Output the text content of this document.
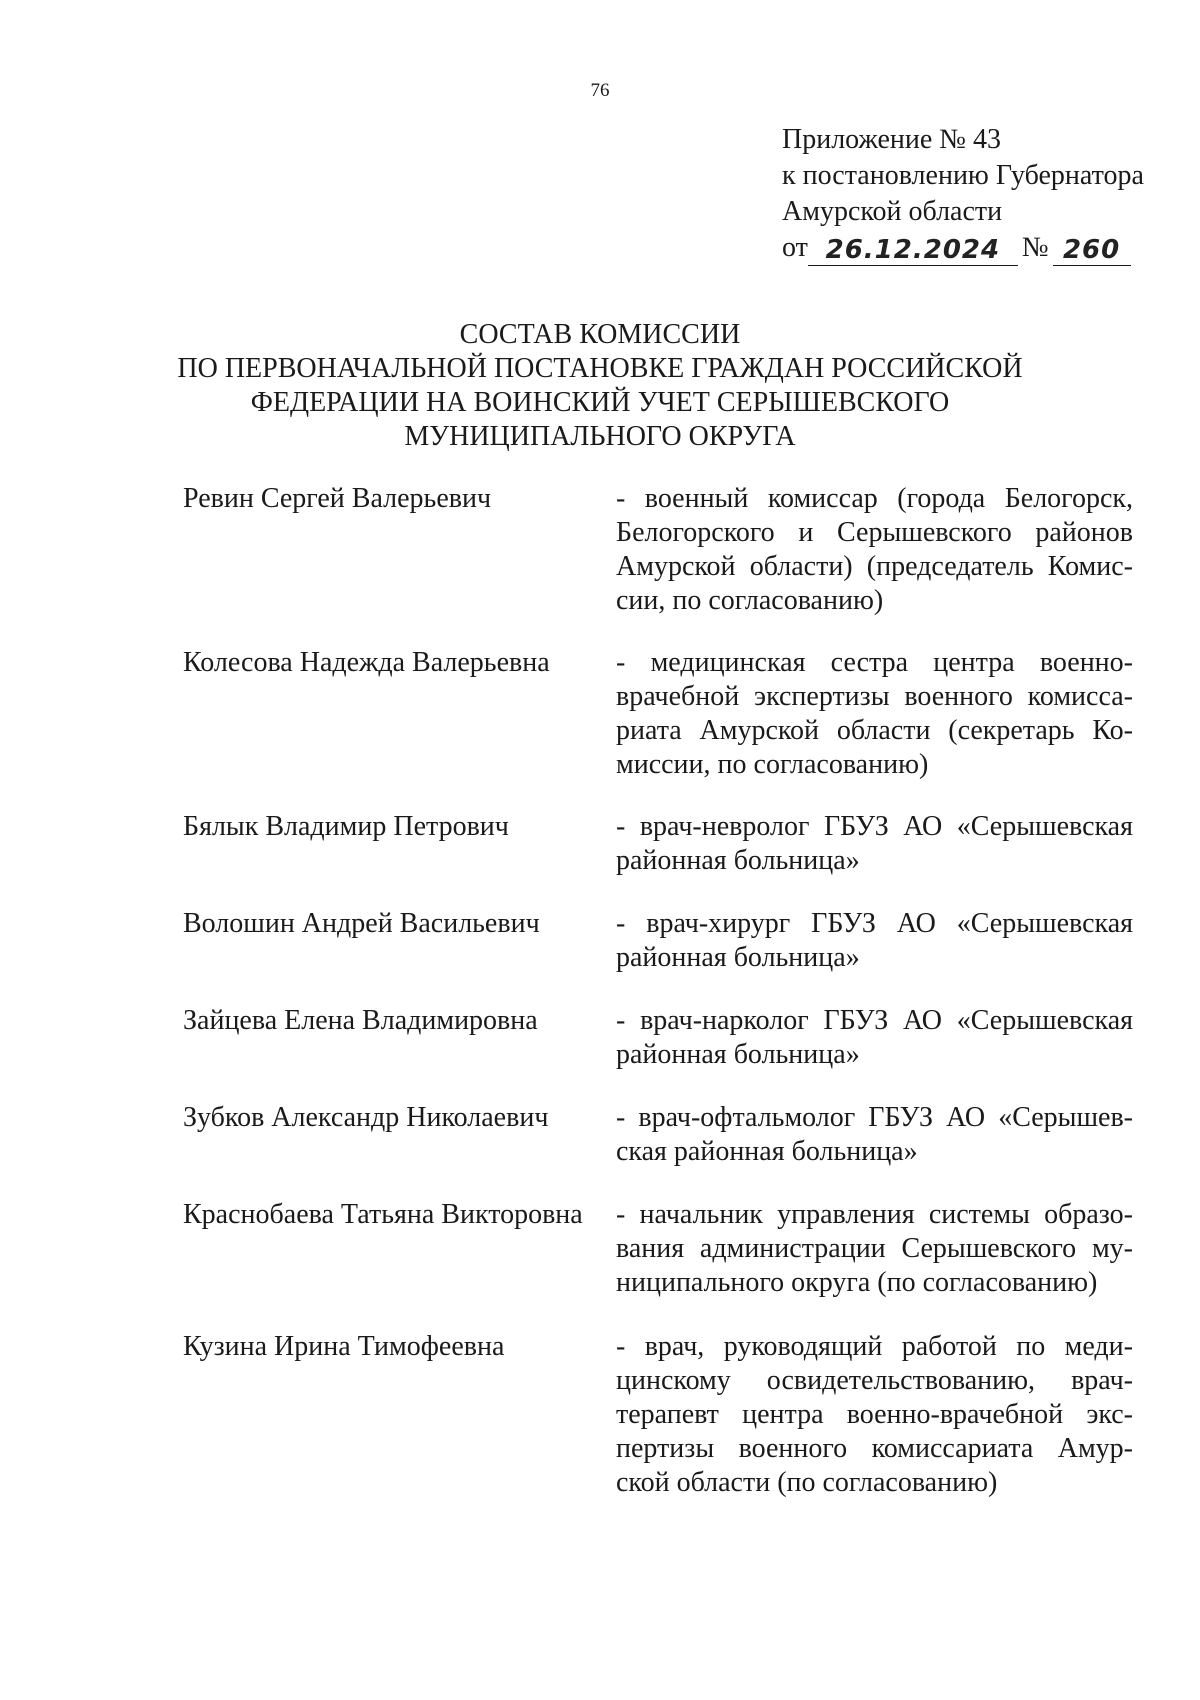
76
Приложение № 43
к постановлению Губернатора
Амурской области
от 26.12.2024 № 260
СОСТАВ КОМИССИИ
ПО ПЕРВОНАЧАЛЬНОЙ ПОСТАНОВКЕ ГРАЖДАН РОССИЙСКОЙ
ФЕДЕРАЦИИ НА ВОИНСКИЙ УЧЕТ СЕРЫШЕВСКОГО
МУНИЦИПАЛЬНОГО ОКРУГА
Ревин Сергей Валерьевич	- военный комиссар (города Белогорск, Белогорского и Серышевского районов Амурской области) (председатель Комис-сии, по согласованию)
Колесова Надежда Валерьевна	- медицинская сестра центра военно-врачебной экспертизы военного комисса-риата Амурской области (секретарь Ко-миссии, по согласованию)
Бялык Владимир Петрович	- врач-невролог ГБУЗ АО «Серышевская районная больница»
Волошин Андрей Васильевич	- врач-хирург ГБУЗ АО «Серышевская районная больница»
Зайцева Елена Владимировна	- врач-нарколог ГБУЗ АО «Серышевская районная больница»
Зубков Александр Николаевич	- врач-офтальмолог ГБУЗ АО «Серышев-ская районная больница»
Краснобаева Татьяна Викторовна	- начальник управления системы образо-вания администрации Серышевского му-ниципального округа (по согласованию)
Кузина Ирина Тимофеевна	- врач, руководящий работой по меди-цинскому освидетельствованию, врач-терапевт центра военно-врачебной экс-пертизы военного комиссариата Амур-ской области (по согласованию)
